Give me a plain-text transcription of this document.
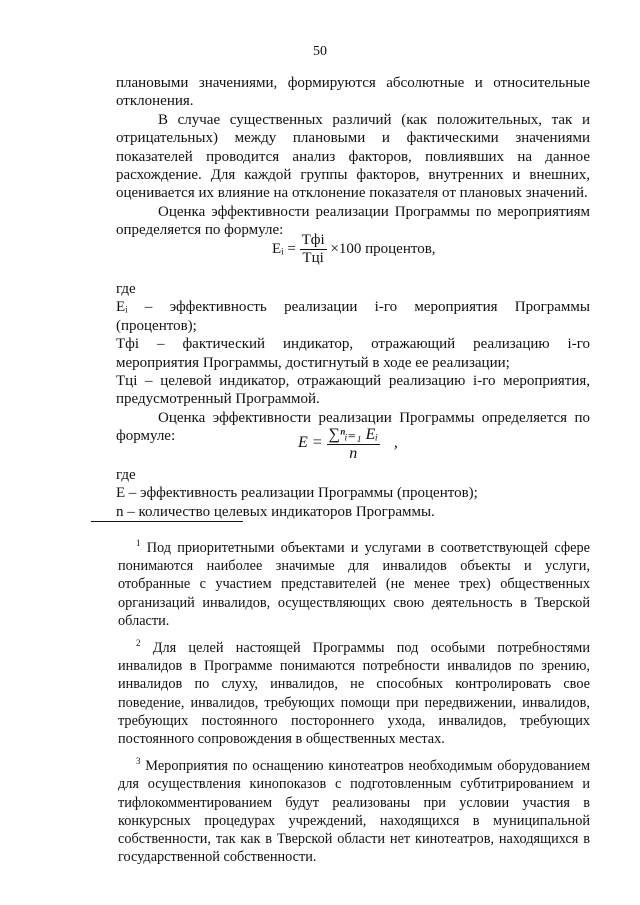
50

плановыми значениями, формируются абсолютные и относительные отклонения.

В случае существенных различий (как положительных, так и отрицательных) между плановыми и фактическими значениями показателей проводится анализ факторов, повлиявших на данное расхождение. Для каждой группы факторов, внутренних и внешних, оценивается их влияние на отклонение показателя от плановых значений.

Оценка эффективности реализации Программы по мероприятиям определяется по формуле:

Eᵢ = $\frac{\text{Tфi}}{\text{Tцi}} \times 100$ процентов,

где

Eᵢ – эффективность реализации i-го мероприятия Программы (процентов);

Tфi – фактический индикатор, отражающий реализацию i-го мероприятия Программы, достигнутый в ходе ее реализации;

Tцi – целевой индикатор, отражающий реализацию i-го мероприятия, предусмотренный Программой.

Оценка эффективности реализации Программы определяется по формуле:	$E = \frac{\text{∑ⁿᵢ₌₁ Eᵢ}}{n}$ ,

где

E – эффективность реализации Программы (процентов);

n – количество целевых индикаторов Программы.

$^1$ Под приоритетными объектами и услугами в соответствующей сфере понимаются наиболее значимые для инвалидов объекты и услуги, отобранные с участием представителей (не менее трех) общественных организаций инвалидов, осуществляющих свою деятельность в Тверской области.

$^2$ Для целей настоящей Программы под особыми потребностями инвалидов в Программе понимаются потребности инвалидов по зрению, инвалидов по слуху, инвалидов, не способных контролировать свое поведение, инвалидов, требующих помощи при передвижении, инвалидов, требующих постоянного постороннего ухода, инвалидов, требующих постоянного сопровождения в общественных местах.

$^3$ Мероприятия по оснащению кинотеатров необходимым оборудованием для осуществления кинопоказов с подготовленным субтитрированием и тифлокомментированием будут реализованы при условии участия в конкурсных процедурах учреждений, находящихся в муниципальной собственности, так как в Тверской области нет кинотеатров, находящихся в государственной собственности.
